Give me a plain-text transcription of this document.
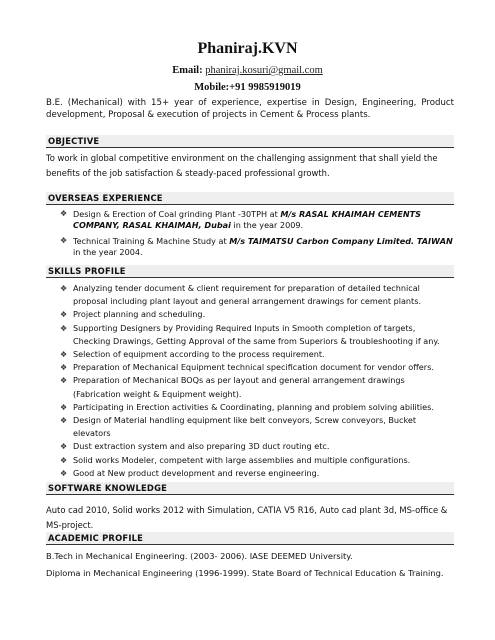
Phaniraj.KVN
Email: phaniraj.kosuri@gmail.com
Mobile:+91 9985919019
B.E. (Mechanical) with 15+ year of experience, expertise in Design, Engineering, Product development, Proposal & execution of projects in Cement & Process plants.
OBJECTIVE
To work in global competitive environment on the challenging assignment that shall yield the benefits of the job satisfaction & steady-paced professional growth.
OVERSEAS EXPERIENCE
❖ Design & Erection of Coal grinding Plant -30TPH at M/s RASAL KHAIMAH CEMENTS COMPANY, RASAL KHAIMAH, Dubai in the year 2009.
❖ Technical Training & Machine Study at M/s TAIMATSU Carbon Company Limited. TAIWAN in the year 2004.
SKILLS PROFILE
❖ Analyzing tender document & client requirement for preparation of detailed technical proposal including plant layout and general arrangement drawings for cement plants.
❖ Project planning and scheduling.
❖ Supporting Designers by Providing Required Inputs in Smooth completion of targets, Checking Drawings, Getting Approval of the same from Superiors & troubleshooting if any.
❖ Selection of equipment according to the process requirement.
❖ Preparation of Mechanical Equipment technical specification document for vendor offers.
❖ Preparation of Mechanical BOQs as per layout and general arrangement drawings (Fabrication weight & Equipment weight).
❖ Participating in Erection activities & Coordinating, planning and problem solving abilities.
❖ Design of Material handling equipment like belt conveyors, Screw conveyors, Bucket elevators
❖ Dust extraction system and also preparing 3D duct routing etc.
❖ Solid works Modeler, competent with large assemblies and multiple configurations.
❖ Good at New product development and reverse engineering.
SOFTWARE KNOWLEDGE
Auto cad 2010, Solid works 2012 with Simulation, CATIA V5 R16, Auto cad plant 3d, MS-office & MS-project.
ACADEMIC PROFILE
B.Tech in Mechanical Engineering. (2003- 2006). IASE DEEMED University.
Diploma in Mechanical Engineering (1996-1999). State Board of Technical Education & Training.
